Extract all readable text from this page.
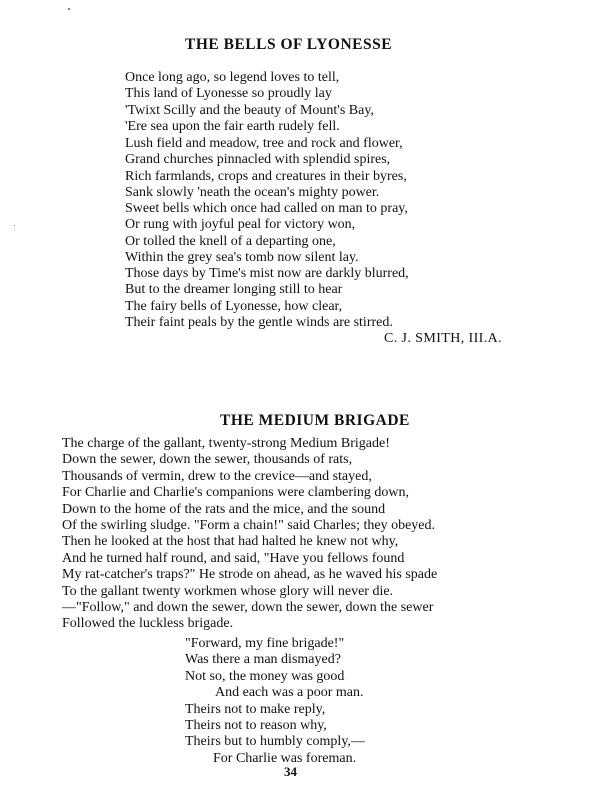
THE BELLS OF LYONESSE
Once long ago, so legend loves to tell,
This land of Lyonesse so proudly lay
'Twixt Scilly and the beauty of Mount's Bay,
'Ere sea upon the fair earth rudely fell.
Lush field and meadow, tree and rock and flower,
Grand churches pinnacled with splendid spires,
Rich farmlands, crops and creatures in their byres,
Sank slowly 'neath the ocean's mighty power.
Sweet bells which once had called on man to pray,
Or rung with joyful peal for victory won,
Or tolled the knell of a departing one,
Within the grey sea's tomb now silent lay.
Those days by Time's mist now are darkly blurred,
But to the dreamer longing still to hear
The fairy bells of Lyonesse, how clear,
Their faint peals by the gentle winds are stirred.
C. J. SMITH, III.A.
THE MEDIUM BRIGADE
The charge of the gallant, twenty-strong Medium Brigade!
Down the sewer, down the sewer, thousands of rats,
Thousands of vermin, drew to the crevice—and stayed,
For Charlie and Charlie's companions were clambering down,
Down to the home of the rats and the mice, and the sound
Of the swirling sludge. "Form a chain!" said Charles; they obeyed.
Then he looked at the host that had halted he knew not why,
And he turned half round, and said, "Have you fellows found
My rat-catcher's traps?" He strode on ahead, as he waved his spade
To the gallant twenty workmen whose glory will never die.
—"Follow," and down the sewer, down the sewer, down the sewer
Followed the luckless brigade.
"Forward, my fine brigade!"
Was there a man dismayed?
Not so, the money was good
And each was a poor man.
Theirs not to make reply,
Theirs not to reason why,
Theirs but to humbly comply,—
For Charlie was foreman.
34
